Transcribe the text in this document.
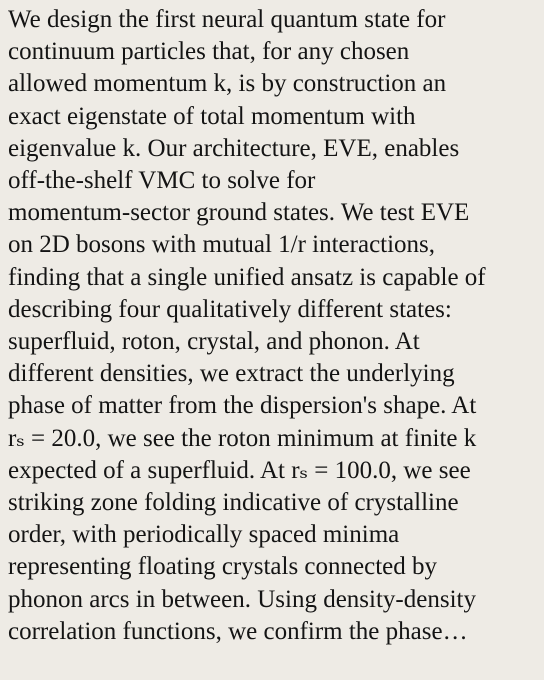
We design the first neural quantum state for
continuum particles that, for any chosen
allowed momentum k, is by construction an
exact eigenstate of total momentum with
eigenvalue k. Our architecture, EVE, enables
off-the-shelf VMC to solve for
momentum-sector ground states. We test EVE
on 2D bosons with mutual 1/r interactions,
finding that a single unified ansatz is capable of
describing four qualitatively different states:
superfluid, roton, crystal, and phonon. At
different densities, we extract the underlying
phase of matter from the dispersion's shape. At
rₛ = 20.0, we see the roton minimum at finite k
expected of a superfluid. At rₛ = 100.0, we see
striking zone folding indicative of crystalline
order, with periodically spaced minima
representing floating crystals connected by
phonon arcs in between. Using density-density
correlation functions, we confirm the phase…
